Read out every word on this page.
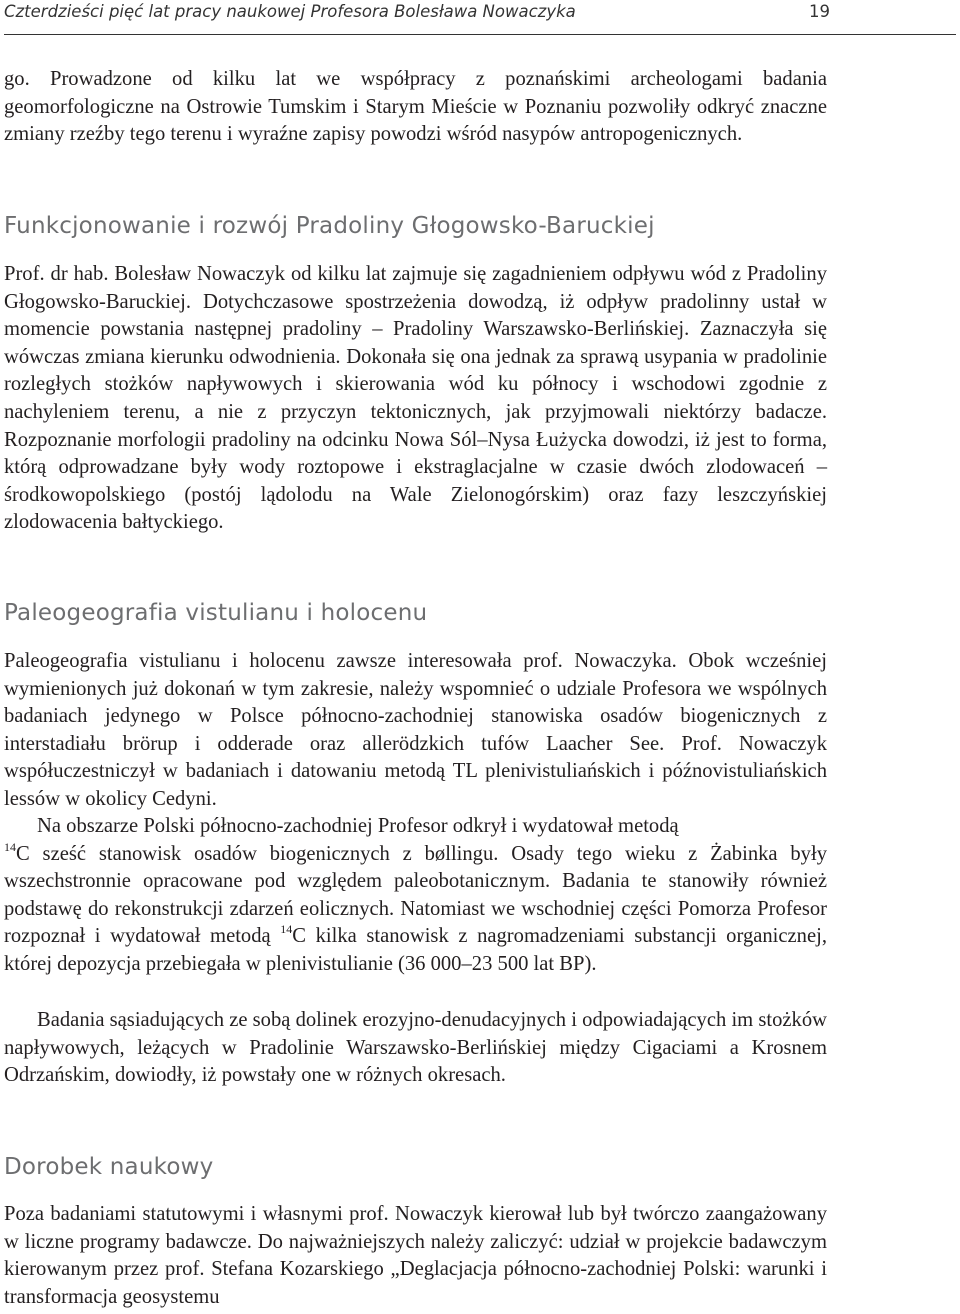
Czterdzieści pięć lat pracy naukowej Profesora Bolesława Nowaczyka	19

go. Prowadzone od kilku lat we współpracy z poznańskimi archeologami badania geomorfologiczne na Ostrowie Tumskim i Starym Mieście w Poznaniu pozwoliły odkryć znaczne zmiany rzeźby tego terenu i wyraźne zapisy powodzi wśród nasypów antropogenicznych.

Funkcjonowanie i rozwój Pradoliny Głogowsko-Baruckiej

Prof. dr hab. Bolesław Nowaczyk od kilku lat zajmuje się zagadnieniem odpływu wód z Pradoliny Głogowsko-Baruckiej. Dotychczasowe spostrzeżenia dowodzą, iż odpływ pradolinny ustał w momencie powstania następnej pradoliny – Pradoliny Warszawsko-Berlińskiej. Zaznaczyła się wówczas zmiana kierunku odwodnienia. Dokonała się ona jednak za sprawą usypania w pradolinie rozległych stożków napływowych i skierowania wód ku północy i wschodowi zgodnie z nachyleniem terenu, a nie z przyczyn tektonicznych, jak przyjmowali niektórzy badacze. Rozpoznanie morfologii pradoliny na odcinku Nowa Sól–Nysa Łużycka dowodzi, iż jest to forma, którą odprowadzane były wody roztopowe i ekstraglacjalne w czasie dwóch zlodowaceń – środkowopolskiego (postój lądolodu na Wale Zielonogórskim) oraz fazy leszczyńskiej zlodowacenia bałtyckiego.

Paleogeografia vistulianu i holocenu

Paleogeografia vistulianu i holocenu zawsze interesowała prof. Nowaczyka. Obok wcześniej wymienionych już dokonań w tym zakresie, należy wspomnieć o udziale Profesora we wspólnych badaniach jedynego w Polsce północno-zachodniej stanowiska osadów biogenicznych z interstadiału brörup i odderade oraz allerödzkich tufów Laacher See. Prof. Nowaczyk współuczestniczył w badaniach i datowaniu metodą TL plenivistuliańskich i późnovistuliańskich lessów w okolicy Cedyni.

Na obszarze Polski północno-zachodniej Profesor odkrył i wydatował metodą
$^{14}$C sześć stanowisk osadów biogenicznych z bøllingu. Osady tego wieku z Żabinka były wszechstronnie opracowane pod względem paleobotanicznym. Badania te stanowiły również podstawę do rekonstrukcji zdarzeń eolicznych. Natomiast we wschodniej części Pomorza Profesor rozpoznał i wydatował metodą $^{14}$C kilka stanowisk z nagromadzeniami substancji organicznej, której depozycja przebiegała w plenivistulianie (36 000–23 500 lat BP).

Badania sąsiadujących ze sobą dolinek erozyjno-denudacyjnych i odpowiadających im stożków napływowych, leżących w Pradolinie Warszawsko-Berlińskiej między Cigaciami a Krosnem Odrzańskim, dowiodły, iż powstały one w różnych okresach.

Dorobek naukowy

Poza badaniami statutowymi i własnymi prof. Nowaczyk kierował lub był twórczo zaangażowany w liczne programy badawcze. Do najważniejszych należy zaliczyć: udział w projekcie badawczym kierowanym przez prof. Stefana Kozarskiego „Deglacjacja północno-zachodniej Polski: warunki i transformacja geosystemu
